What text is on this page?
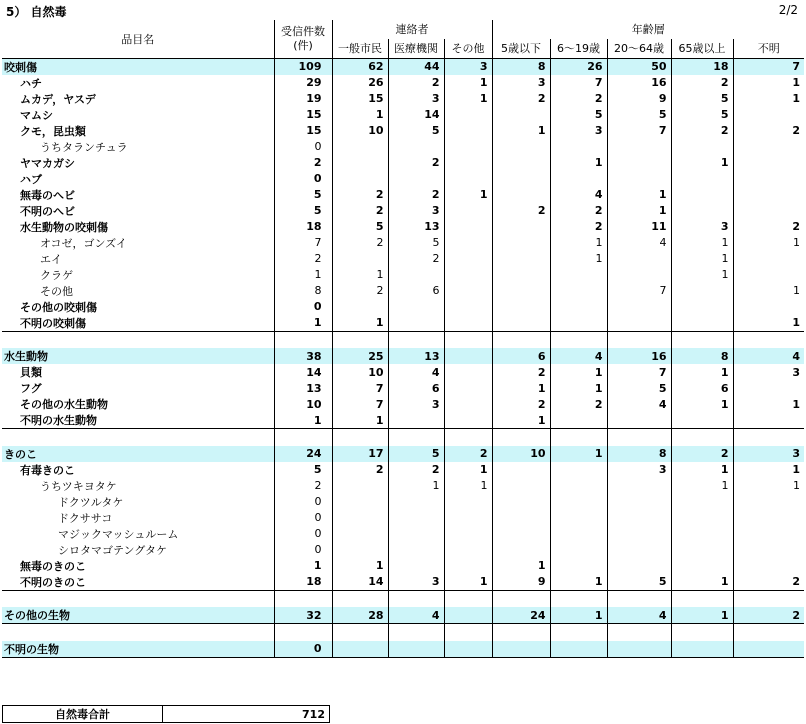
5） 自然毒	2/2
品目名	受信件数
(件)	連絡者			年齢層				
		一般市民	医療機関	その他	5歳以下	6～19歳	20～64歳	65歳以上	不明
咬刺傷	109	62	44	3	8	26	50	18	7
ハチ	29	26	2	1	3	7	16	2	1
ムカデ，ヤスデ	19	15	3	1	2	2	9	5	1
マムシ	15	1	14			5	5	5	
クモ，昆虫類	15	10	5		1	3	7	2	2
うちタランチュラ	0								
ヤマカガシ	2		2			1		1	
ハブ	0								
無毒のヘビ	5	2	2	1		4	1		
不明のヘビ	5	2	3		2	2	1		
水生動物の咬刺傷	18	5	13			2	11	3	2
オコゼ，ゴンズイ	7	2	5			1	4	1	1
エイ	2		2			1		1	
クラゲ	1	1						1	
その他	8	2	6				7		1
その他の咬刺傷	0								
不明の咬刺傷	1	1							1

水生動物	38	25	13		6	4	16	8	4
貝類	14	10	4		2	1	7	1	3
フグ	13	7	6		1	1	5	6	
その他の水生動物	10	7	3		2	2	4	1	1
不明の水生動物	1	1			1				

きのこ	24	17	5	2	10	1	8	2	3
有毒きのこ	5	2	2	1			3	1	1
うちツキヨタケ	2		1	1				1	1
ドクツルタケ	0								
ドクササコ	0								
マジックマッシュルーム	0								
シロタマゴテングタケ	0								
無毒のきのこ	1	1			1				
不明のきのこ	18	14	3	1	9	1	5	1	2

その他の生物	32	28	4		24	1	4	1	2

不明の生物	0								
自然毒合計	712
